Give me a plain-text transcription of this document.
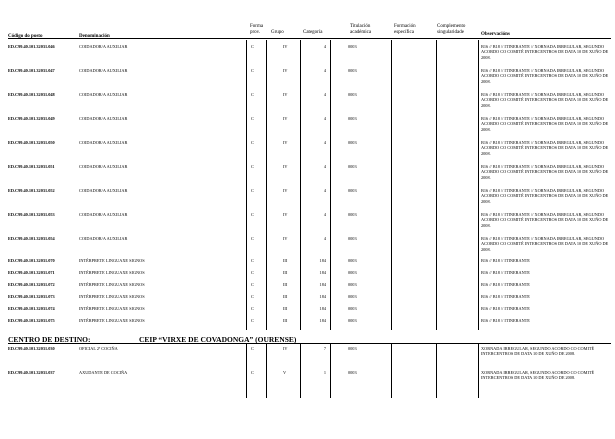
Código do posto	Denominación
Forma
prov. Grupo	Categoría
Titulación
académica
Formación
específica
Complemento
singularidade	Observacións
ED.C99.40.101.32031.046	COIDADOR/A AUXILIAR	C	IV	4	0003	B16 // B18 // ITINERANTE // XORNADA IRREGULAR, SEGUNDO ACORDO CO COMITÉ INTERCENTROS DE DATA 10 DE XUÑO DE 2008.
ED.C99.40.101.32031.047	COIDADOR/A AUXILIAR	C	IV	4	0003	B16 // B18 // ITINERANTE // XORNADA IRREGULAR, SEGUNDO ACORDO CO COMITÉ INTERCENTROS DE DATA 10 DE XUÑO DE 2008.
ED.C99.40.101.32031.048	COIDADOR/A AUXILIAR	C	IV	4	0003	B16 // B18 // ITINERANTE // XORNADA IRREGULAR, SEGUNDO ACORDO CO COMITÉ INTERCENTROS DE DATA 10 DE XUÑO DE 2008.
ED.C99.40.101.32031.049	COIDADOR/A AUXILIAR	C	IV	4	0003	B16 // B18 // ITINERANTE // XORNADA IRREGULAR, SEGUNDO ACORDO CO COMITÉ INTERCENTROS DE DATA 10 DE XUÑO DE 2008.
ED.C99.40.101.32031.050	COIDADOR/A AUXILIAR	C	IV	4	0003	B16 // B18 // ITINERANTE // XORNADA IRREGULAR, SEGUNDO ACORDO CO COMITÉ INTERCENTROS DE DATA 10 DE XUÑO DE 2008.
ED.C99.40.101.32031.051	COIDADOR/A AUXILIAR	C	IV	4	0003	B16 // B18 // ITINERANTE // XORNADA IRREGULAR, SEGUNDO ACORDO CO COMITÉ INTERCENTROS DE DATA 10 DE XUÑO DE 2008.
ED.C99.40.101.32031.052	COIDADOR/A AUXILIAR	C	IV	4	0003	B16 // B18 // ITINERANTE // XORNADA IRREGULAR, SEGUNDO ACORDO CO COMITÉ INTERCENTROS DE DATA 10 DE XUÑO DE 2008.
ED.C99.40.101.32031.053	COIDADOR/A AUXILIAR	C	IV	4	0003	B16 // B18 // ITINERANTE // XORNADA IRREGULAR, SEGUNDO ACORDO CO COMITÉ INTERCENTROS DE DATA 10 DE XUÑO DE 2008.
ED.C99.40.101.32031.054	COIDADOR/A AUXILIAR	C	IV	4	0003	B16 // B18 // ITINERANTE // XORNADA IRREGULAR, SEGUNDO ACORDO CO COMITÉ INTERCENTROS DE DATA 10 DE XUÑO DE 2008.
ED.C99.40.101.32031.070	INTÉRPRETE LINGUAXE SIGNOS	C	III	184	0003	B16 // B18 // ITINERANTE
ED.C99.40.101.32031.071	INTÉRPRETE LINGUAXE SIGNOS	C	III	184	0003	B16 // B18 // ITINERANTE
ED.C99.40.101.32031.072	INTÉRPRETE LINGUAXE SIGNOS	C	III	184	0003	B16 // B18 // ITINERANTE
ED.C99.40.101.32031.073	INTÉRPRETE LINGUAXE SIGNOS	C	III	184	0003	B16 // B18 // ITINERANTE
ED.C99.40.101.32031.074	INTÉRPRETE LINGUAXE SIGNOS	C	III	184	0003	B16 // B18 // ITINERANTE
ED.C99.40.101.32031.075	INTÉRPRETE LINGUAXE SIGNOS	C	III	184	0003	B16 // B18 // ITINERANTE
CENTRO DE DESTINO:	CEIP “VIRXE DE COVADONGA” (OURENSE)
ED.C99.40.101.32031.030	OFICIAL 2ª COCIÑA	C	IV	7	0003	XORNADA IRREGULAR, SEGUNDO ACORDO CO COMITÉ INTERCENTROS DE DATA 10 DE XUÑO DE 2008.
ED.C99.40.101.32031.037	AXUDANTE DE COCIÑA	C	V	1	0003	XORNADA IRREGULAR, SEGUNDO ACORDO CO COMITÉ INTERCENTROS DE DATA 10 DE XUÑO DE 2008.
